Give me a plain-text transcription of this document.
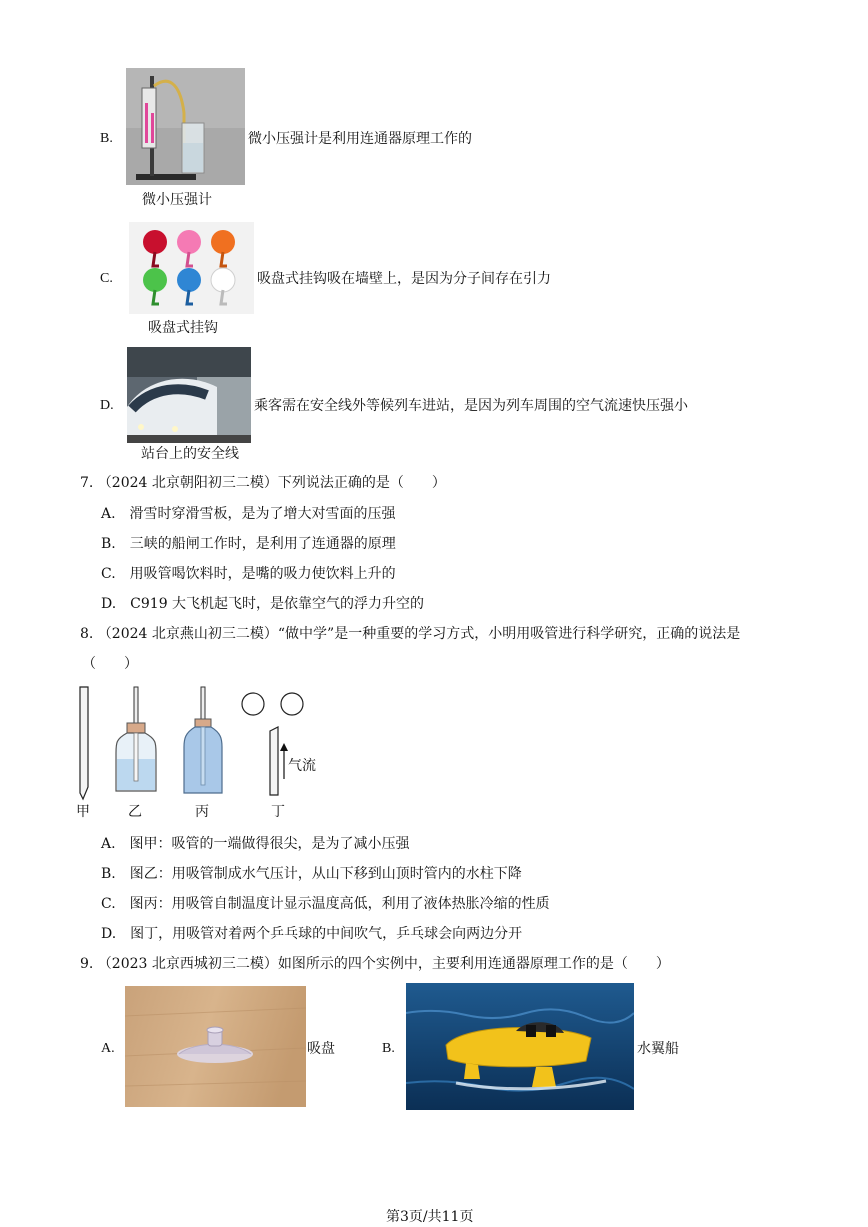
B.
微小压强计
微小压强计是利用连通器原理工作的
C.
吸盘式挂钩
吸盘式挂钩吸在墙壁上，是因为分子间存在引力
D.
站台上的安全线
乘客需在安全线外等候列车进站，是因为列车周围的空气流速快压强小
7. （2024 北京朝阳初三二模）下列说法正确的是（　　）
A.　滑雪时穿滑雪板，是为了增大对雪面的压强
B.　三峡的船闸工作时，是利用了连通器的原理
C.　用吸管喝饮料时，是嘴的吸力使饮料上升的
D.　C919 大飞机起飞时，是依靠空气的浮力升空的
8. （2024 北京燕山初三二模）“做中学”是一种重要的学习方式，小明用吸管进行科学研究，正确的说法是
（　　）
气流
甲	乙	丙	丁
A.　图甲：吸管的一端做得很尖，是为了减小压强
B.　图乙：用吸管制成水气压计，从山下移到山顶时管内的水柱下降
C.　图丙：用吸管自制温度计显示温度高低，利用了液体热胀冷缩的性质
D.　图丁，用吸管对着两个乒乓球的中间吹气，乒乓球会向两边分开
9. （2023 北京西城初三二模）如图所示的四个实例中，主要利用连通器原理工作的是（　　）
A.	吸盘	B.	水翼船
第3页/共11页
